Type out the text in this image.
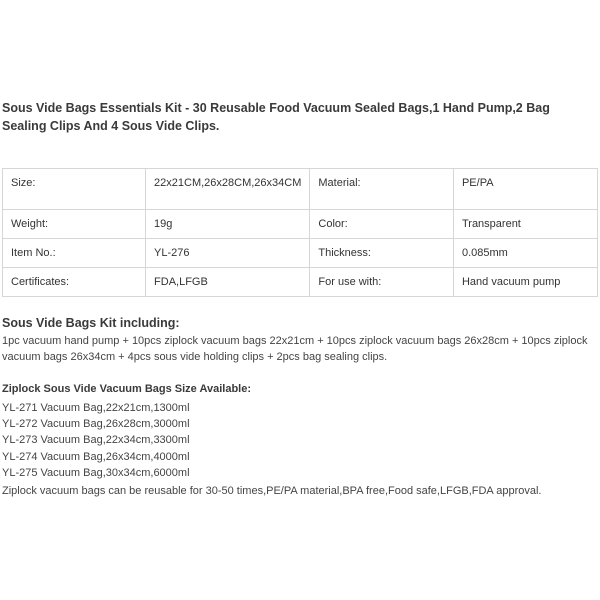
Sous Vide Bags Essentials Kit - 30 Reusable Food Vacuum Sealed Bags,1 Hand Pump,2 Bag Sealing Clips And 4 Sous Vide Clips.
Size:	22x21CM,26x28CM,26x34CM	Material:	PE/PA
Weight:	19g	Color:	Transparent
Item No.:	YL-276	Thickness:	0.085mm
Certificates:	FDA,LFGB	For use with:	Hand vacuum pump
Sous Vide Bags Kit including:

1pc vacuum hand pump + 10pcs ziplock vacuum bags 22x21cm + 10pcs ziplock vacuum bags 26x28cm + 10pcs ziplock vacuum bags 26x34cm + 4pcs sous vide holding clips + 2pcs bag sealing clips.

Ziplock Sous Vide Vacuum Bags Size Available:
YL-271 Vacuum Bag,22x21cm,1300ml
YL-272 Vacuum Bag,26x28cm,3000ml
YL-273 Vacuum Bag,22x34cm,3300ml
YL-274 Vacuum Bag,26x34cm,4000ml
YL-275 Vacuum Bag,30x34cm,6000ml

Ziplock vacuum bags can be reusable for 30-50 times,PE/PA material,BPA free,Food safe,LFGB,FDA approval.
